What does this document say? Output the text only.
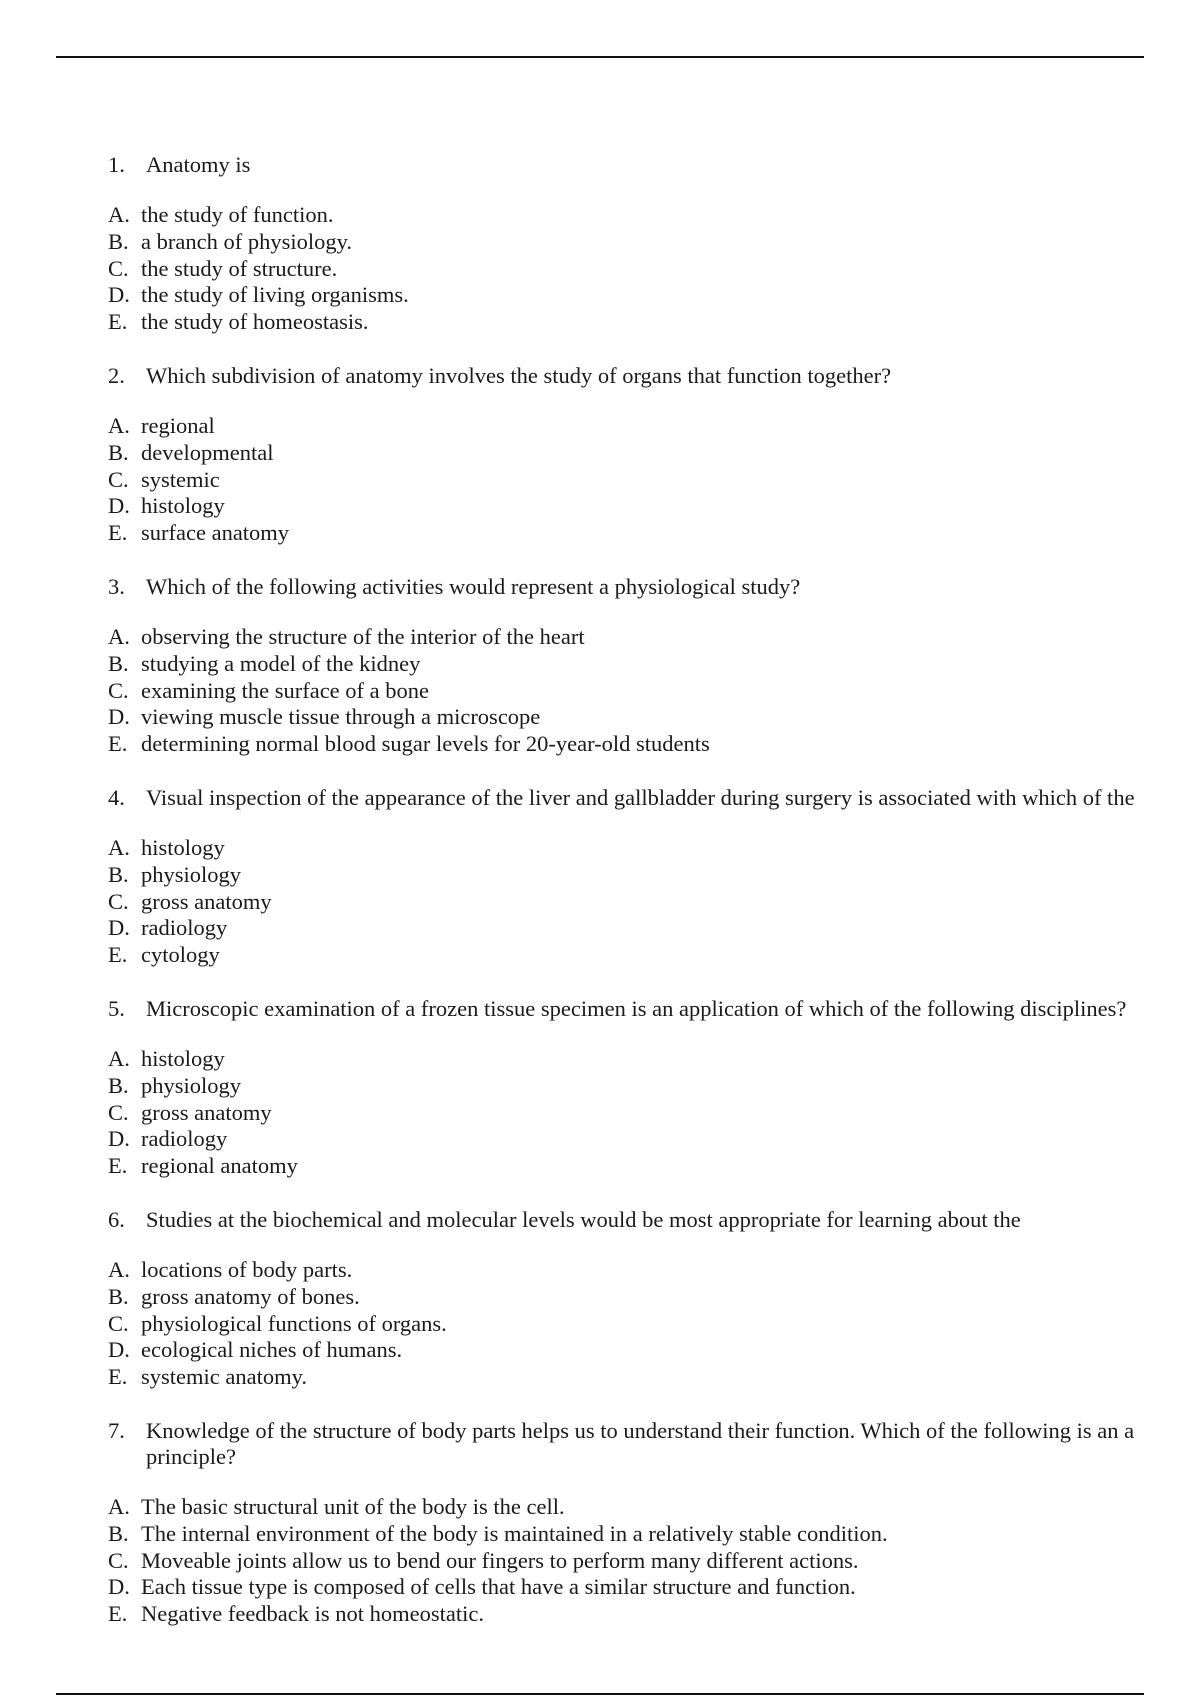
1. Anatomy is
A. the study of function.
B. a branch of physiology.
C. the study of structure.
D. the study of living organisms.
E. the study of homeostasis.
2. Which subdivision of anatomy involves the study of organs that function together?
A. regional
B. developmental
C. systemic
D. histology
E. surface anatomy
3. Which of the following activities would represent a physiological study?
A. observing the structure of the interior of the heart
B. studying a model of the kidney
C. examining the surface of a bone
D. viewing muscle tissue through a microscope
E. determining normal blood sugar levels for 20-year-old students
4. Visual inspection of the appearance of the liver and gallbladder during surgery is associated with which of the
A. histology
B. physiology
C. gross anatomy
D. radiology
E. cytology
5. Microscopic examination of a frozen tissue specimen is an application of which of the following disciplines?
A. histology
B. physiology
C. gross anatomy
D. radiology
E. regional anatomy
6. Studies at the biochemical and molecular levels would be most appropriate for learning about the
A. locations of body parts.
B. gross anatomy of bones.
C. physiological functions of organs.
D. ecological niches of humans.
E. systemic anatomy.
7. Knowledge of the structure of body parts helps us to understand their function. Which of the following is an a
principle?
A. The basic structural unit of the body is the cell.
B. The internal environment of the body is maintained in a relatively stable condition.
C. Moveable joints allow us to bend our fingers to perform many different actions.
D. Each tissue type is composed of cells that have a similar structure and function.
E. Negative feedback is not homeostatic.
